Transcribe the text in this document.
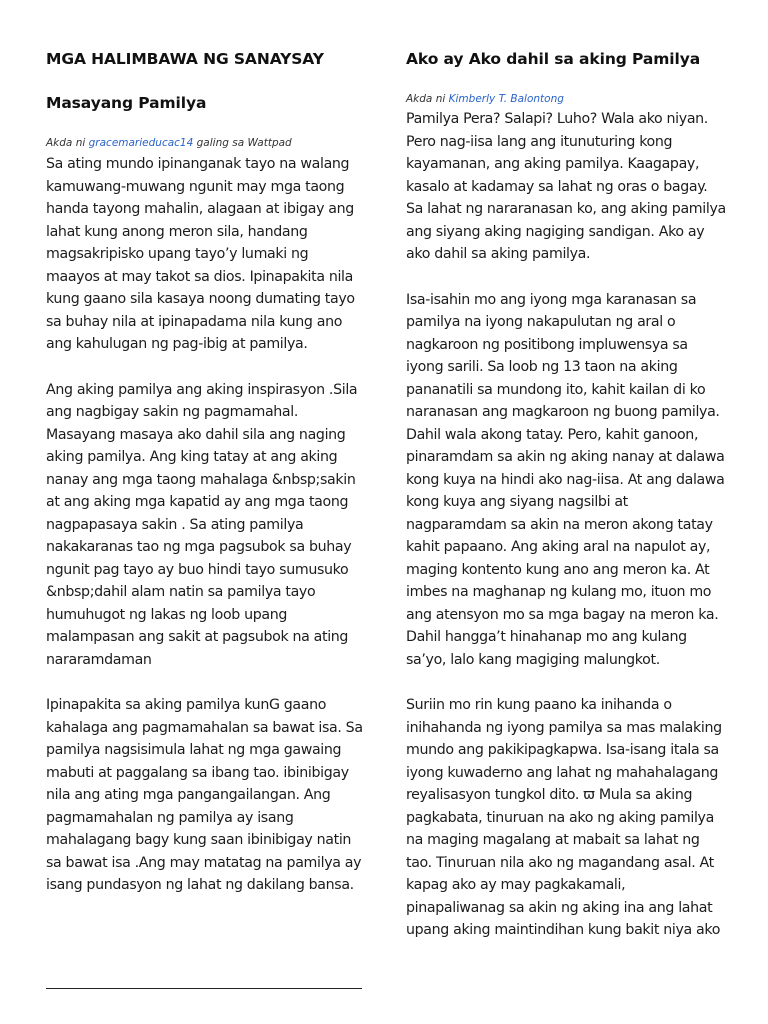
MGA HALIMBAWA NG SANAYSAY
Masayang Pamilya
Akda ni gracemarieducac14 galing sa Wattpad

Sa ating mundo ipinanganak tayo na walang kamuwang-muwang ngunit may mga taong handa tayong mahalin, alagaan at ibigay ang lahat kung anong meron sila, handang magsakripisko upang tayo’y lumaki ng maayos at may takot sa dios. Ipinapakita nila kung gaano sila kasaya noong dumating tayo sa buhay nila at ipinapadama nila kung ano ang kahulugan ng pag-ibig at pamilya.

Ang aking pamilya ang aking inspirasyon .Sila ang nagbigay sakin ng pagmamahal. Masayang masaya ako dahil sila ang naging aking pamilya. Ang king tatay at ang aking nanay ang mga taong mahalaga &nbsp;sakin at ang aking mga kapatid ay ang mga taong nagpapasaya sakin . Sa ating pamilya nakakaranas tao ng mga pagsubok sa buhay ngunit pag tayo ay buo hindi tayo sumusuko &nbsp;dahil alam natin sa pamilya tayo humuhugot ng lakas ng loob upang malampasan ang sakit at pagsubok na ating nararamdaman

Ipinapakita sa aking pamilya kunG gaano kahalaga ang pagmamahalan sa bawat isa. Sa pamilya nagsisimula lahat ng mga gawaing mabuti at paggalang sa ibang tao. ibinibigay nila ang ating mga pangangailangan. Ang pagmamahalan ng pamilya ay isang mahalagang bagy kung saan ibinibigay natin sa bawat isa .Ang may matatag na pamilya ay isang pundasyon ng lahat ng dakilang bansa.

Ako ay Ako dahil sa aking Pamilya
Akda ni Kimberly T. Balontong

Pamilya Pera? Salapi? Luho? Wala ako niyan. Pero nag-iisa lang ang itunuturing kong kayamanan, ang aking pamilya. Kaagapay, kasalo at kadamay sa lahat ng oras o bagay. Sa lahat ng nararanasan ko, ang aking pamilya ang siyang aking nagiging sandigan. Ako ay ako dahil sa aking pamilya.

Isa-isahin mo ang iyong mga karanasan sa pamilya na iyong nakapulutan ng aral o nagkaroon ng positibong impluwensya sa iyong sarili. Sa loob ng 13 taon na aking pananatili sa mundong ito, kahit kailan di ko naranasan ang magkaroon ng buong pamilya. Dahil wala akong tatay. Pero, kahit ganoon, pinaramdam sa akin ng aking nanay at dalawa kong kuya na hindi ako nag-iisa. At ang dalawa kong kuya ang siyang nagsilbi at nagparamdam sa akin na meron akong tatay kahit papaano. Ang aking aral na napulot ay, maging kontento kung ano ang meron ka. At imbes na maghanap ng kulang mo, ituon mo ang atensyon mo sa mga bagay na meron ka. Dahil hangga’t hinahanap mo ang kulang sa’yo, lalo kang magiging malungkot.

Suriin mo rin kung paano ka inihanda o inihahanda ng iyong pamilya sa mas malaking mundo ang pakikipagkapwa. Isa-isang itala sa iyong kuwaderno ang lahat ng mahahalagang reyalisasyon tungkol dito. ϖ Mula sa aking pagkabata, tinuruan na ako ng aking pamilya na maging magalang at mabait sa lahat ng tao. Tinuruan nila ako ng magandang asal. At kapag ako ay may pagkakamali, pinapaliwanag sa akin ng aking ina ang lahat upang aking maintindihan kung bakit niya ako
